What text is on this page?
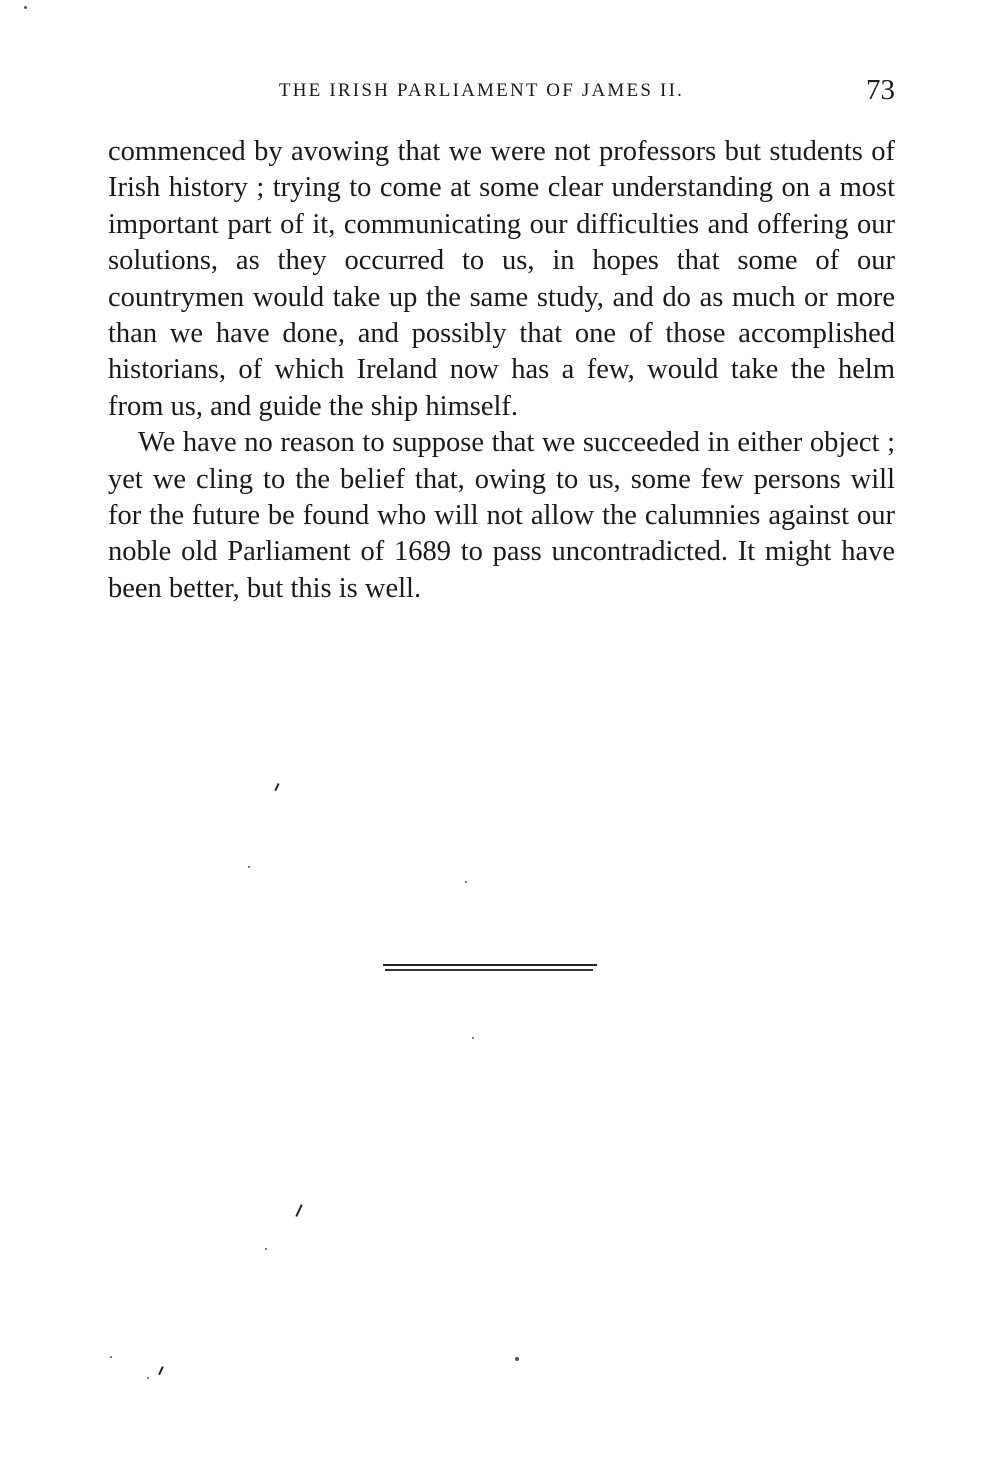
THE IRISH PARLIAMENT OF JAMES II.	73

commenced by avowing that we were not professors but students of Irish history ; trying to come at some clear understanding on a most important part of it, communicating our difficulties and offering our solutions, as they occurred to us, in hopes that some of our countrymen would take up the same study, and do as much or more than we have done, and possibly that one of those accomplished historians, of which Ireland now has a few, would take the helm from us, and guide the ship himself.

We have no reason to suppose that we succeeded in either object ; yet we cling to the belief that, owing to us, some few persons will for the future be found who will not allow the calumnies against our noble old Parliament of 1689 to pass uncontradicted. It might have been better, but this is well.
